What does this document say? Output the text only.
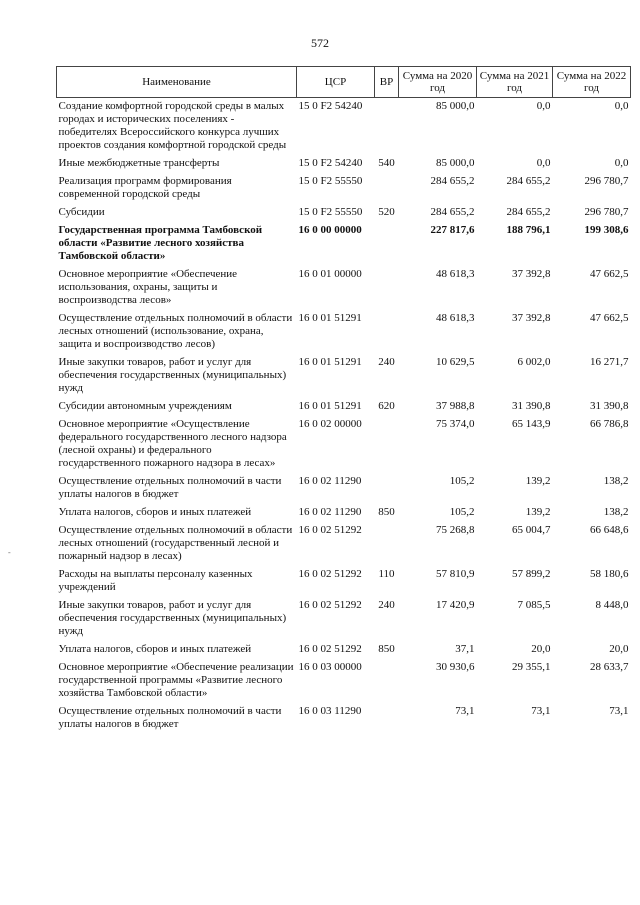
572
-
Наименование	ЦСР	ВР	Сумма на 2020 год	Сумма на 2021 год	Сумма на 2022 год
Создание комфортной городской среды в малых городах и исторических поселениях - победителях Всероссийского конкурса лучших проектов создания комфортной городской среды	15 0 F2 54240		85 000,0	0,0	0,0
Иные межбюджетные трансферты	15 0 F2 54240	540	85 000,0	0,0	0,0
Реализация программ формирования современной городской среды	15 0 F2 55550		284 655,2	284 655,2	296 780,7
Субсидии	15 0 F2 55550	520	284 655,2	284 655,2	296 780,7
Государственная программа Тамбовской области «Развитие лесного хозяйства Тамбовской области»	16 0 00 00000		227 817,6	188 796,1	199 308,6
Основное мероприятие «Обеспечение использования, охраны, защиты и воспроизводства лесов»	16 0 01 00000		48 618,3	37 392,8	47 662,5
Осуществление отдельных полномочий в области лесных отношений (использование, охрана, защита и воспроизводство лесов)	16 0 01 51291		48 618,3	37 392,8	47 662,5
Иные закупки товаров, работ и услуг для обеспечения государственных (муниципальных) нужд	16 0 01 51291	240	10 629,5	6 002,0	16 271,7
Субсидии автономным учреждениям	16 0 01 51291	620	37 988,8	31 390,8	31 390,8
Основное мероприятие «Осуществление федерального государственного лесного надзора (лесной охраны) и федерального государственного пожарного надзора в лесах»	16 0 02 00000		75 374,0	65 143,9	66 786,8
Осуществление отдельных полномочий в части уплаты налогов в бюджет	16 0 02 11290		105,2	139,2	138,2
Уплата налогов, сборов и иных платежей	16 0 02 11290	850	105,2	139,2	138,2
Осуществление отдельных полномочий в области лесных отношений (государственный лесной и пожарный надзор в лесах)	16 0 02 51292		75 268,8	65 004,7	66 648,6
Расходы на выплаты персоналу казенных учреждений	16 0 02 51292	110	57 810,9	57 899,2	58 180,6
Иные закупки товаров, работ и услуг для обеспечения государственных (муниципальных) нужд	16 0 02 51292	240	17 420,9	7 085,5	8 448,0
Уплата налогов, сборов и иных платежей	16 0 02 51292	850	37,1	20,0	20,0
Основное мероприятие «Обеспечение реализации государственной программы «Развитие лесного хозяйства Тамбовской области»	16 0 03 00000		30 930,6	29 355,1	28 633,7
Осуществление отдельных полномочий в части уплаты налогов в бюджет	16 0 03 11290		73,1	73,1	73,1
